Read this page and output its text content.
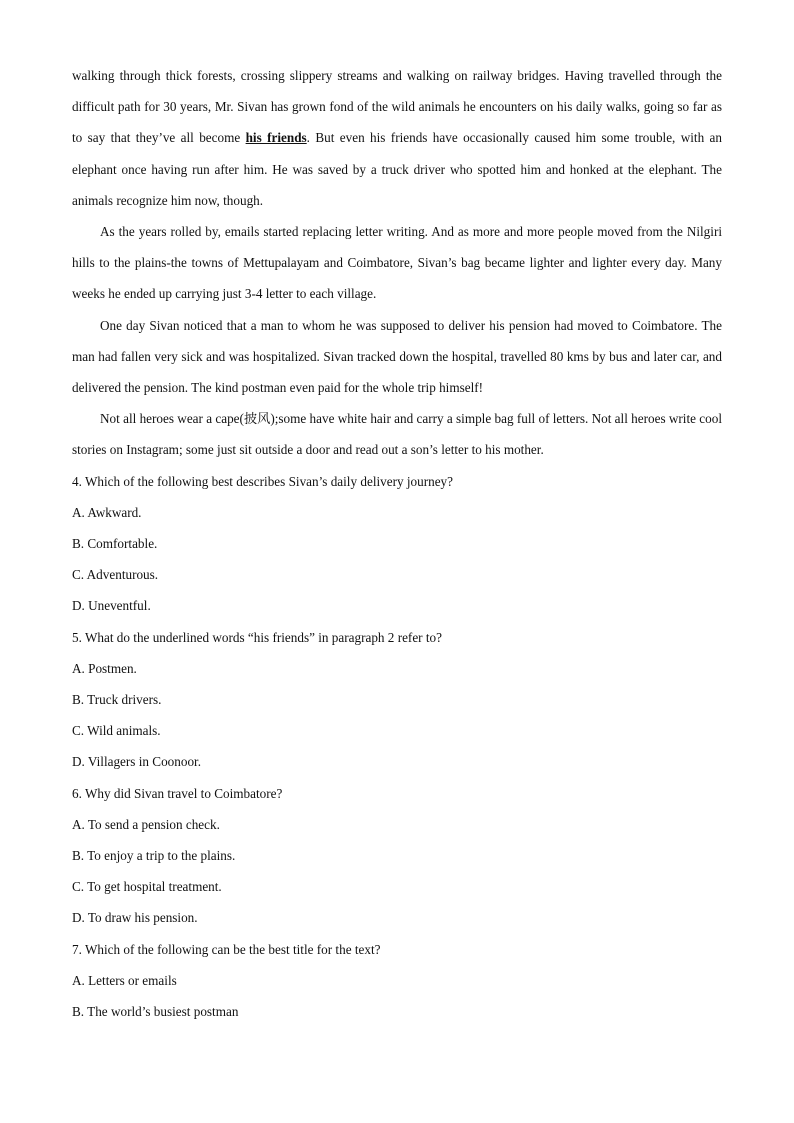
walking through thick forests, crossing slippery streams and walking on railway bridges. Having travelled through the difficult path for 30 years, Mr. Sivan has grown fond of the wild animals he encounters on his daily walks, going so far as to say that they’ve all become his friends. But even his friends have occasionally caused him some trouble, with an elephant once having run after him. He was saved by a truck driver who spotted him and honked at the elephant. The animals recognize him now, though.

As the years rolled by, emails started replacing letter writing. And as more and more people moved from the Nilgiri hills to the plains-the towns of Mettupalayam and Coimbatore, Sivan’s bag became lighter and lighter every day. Many weeks he ended up carrying just 3-4 letter to each village.

One day Sivan noticed that a man to whom he was supposed to deliver his pension had moved to Coimbatore. The man had fallen very sick and was hospitalized. Sivan tracked down the hospital, travelled 80 kms by bus and later car, and delivered the pension. The kind postman even paid for the whole trip himself!

Not all heroes wear a cape(披风);some have white hair and carry a simple bag full of letters. Not all heroes write cool stories on Instagram; some just sit outside a door and read out a son’s letter to his mother.

4. Which of the following best describes Sivan’s daily delivery journey?

A. Awkward.

B. Comfortable.

C. Adventurous.

D. Uneventful.

5. What do the underlined words “his friends” in paragraph 2 refer to?

A. Postmen.

B. Truck drivers.

C. Wild animals.

D. Villagers in Coonoor.

6. Why did Sivan travel to Coimbatore?

A. To send a pension check.

B. To enjoy a trip to the plains.

C. To get hospital treatment.

D. To draw his pension.

7. Which of the following can be the best title for the text?

A. Letters or emails

B. The world’s busiest postman
